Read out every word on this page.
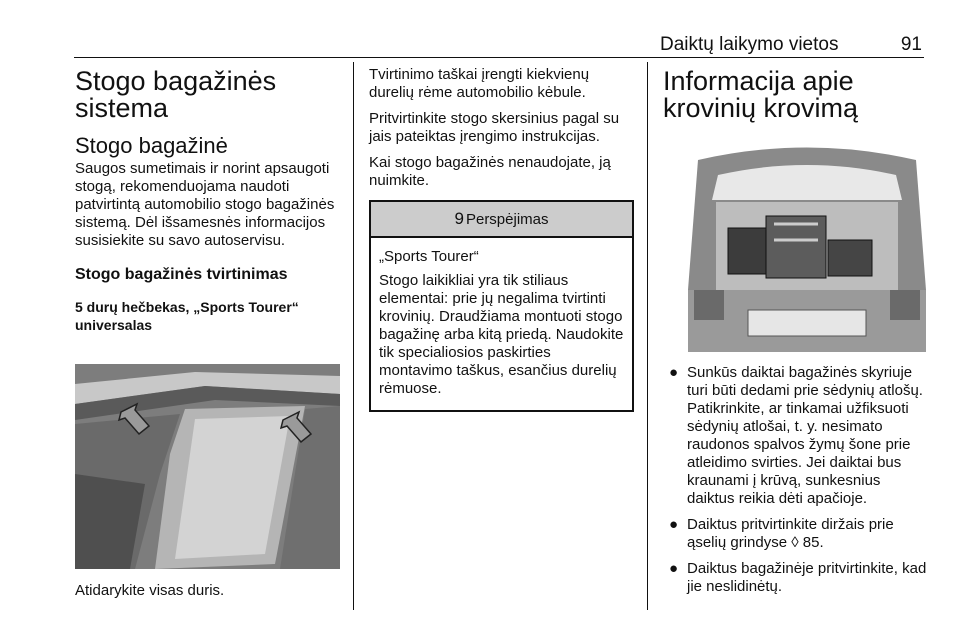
Daiktų laikymo vietos	91
Stogo bagažinės sistema
Stogo bagažinė

Saugos sumetimais ir norint apsaugoti stogą, rekomenduojama naudoti patvirtintą automobilio stogo bagažinės sistemą. Dėl išsamesnės informacijos susisiekite su savo autoservisu.

Stogo bagažinės tvirtinimas
5 durų hečbekas, „Sports Tourer“ universalas
Atidarykite visas duris.

Tvirtinimo taškai įrengti kiekvienų durelių rėme automobilio kėbule.

Pritvirtinkite stogo skersinius pagal su jais pateiktas įrengimo instrukcijas.

Kai stogo bagažinės nenaudojate, ją nuimkite.

9 Perspėjimas

„Sports Tourer“

Stogo laikikliai yra tik stiliaus elementai: prie jų negalima tvirtinti krovinių. Draudžiama montuoti stogo bagažinę arba kitą priedą. Naudokite tik specialiosios paskirties montavimo taškus, esančius durelių rėmuose.

Informacija apie krovinių krovimą
● Sunkūs daiktai bagažinės skyriuje turi būti dedami prie sėdynių atlošų. Patikrinkite, ar tinkamai užfiksuoti sėdynių atlošai, t. y. nesimato raudonos spalvos žymų šone prie atleidimo svirties. Jei daiktai bus kraunami į krūvą, sunkesnius daiktus reikia dėti apačioje.
● Daiktus pritvirtinkite diržais prie ąselių grindyse ◊ 85.
● Daiktus bagažinėje pritvirtinkite, kad jie neslidinėtų.
